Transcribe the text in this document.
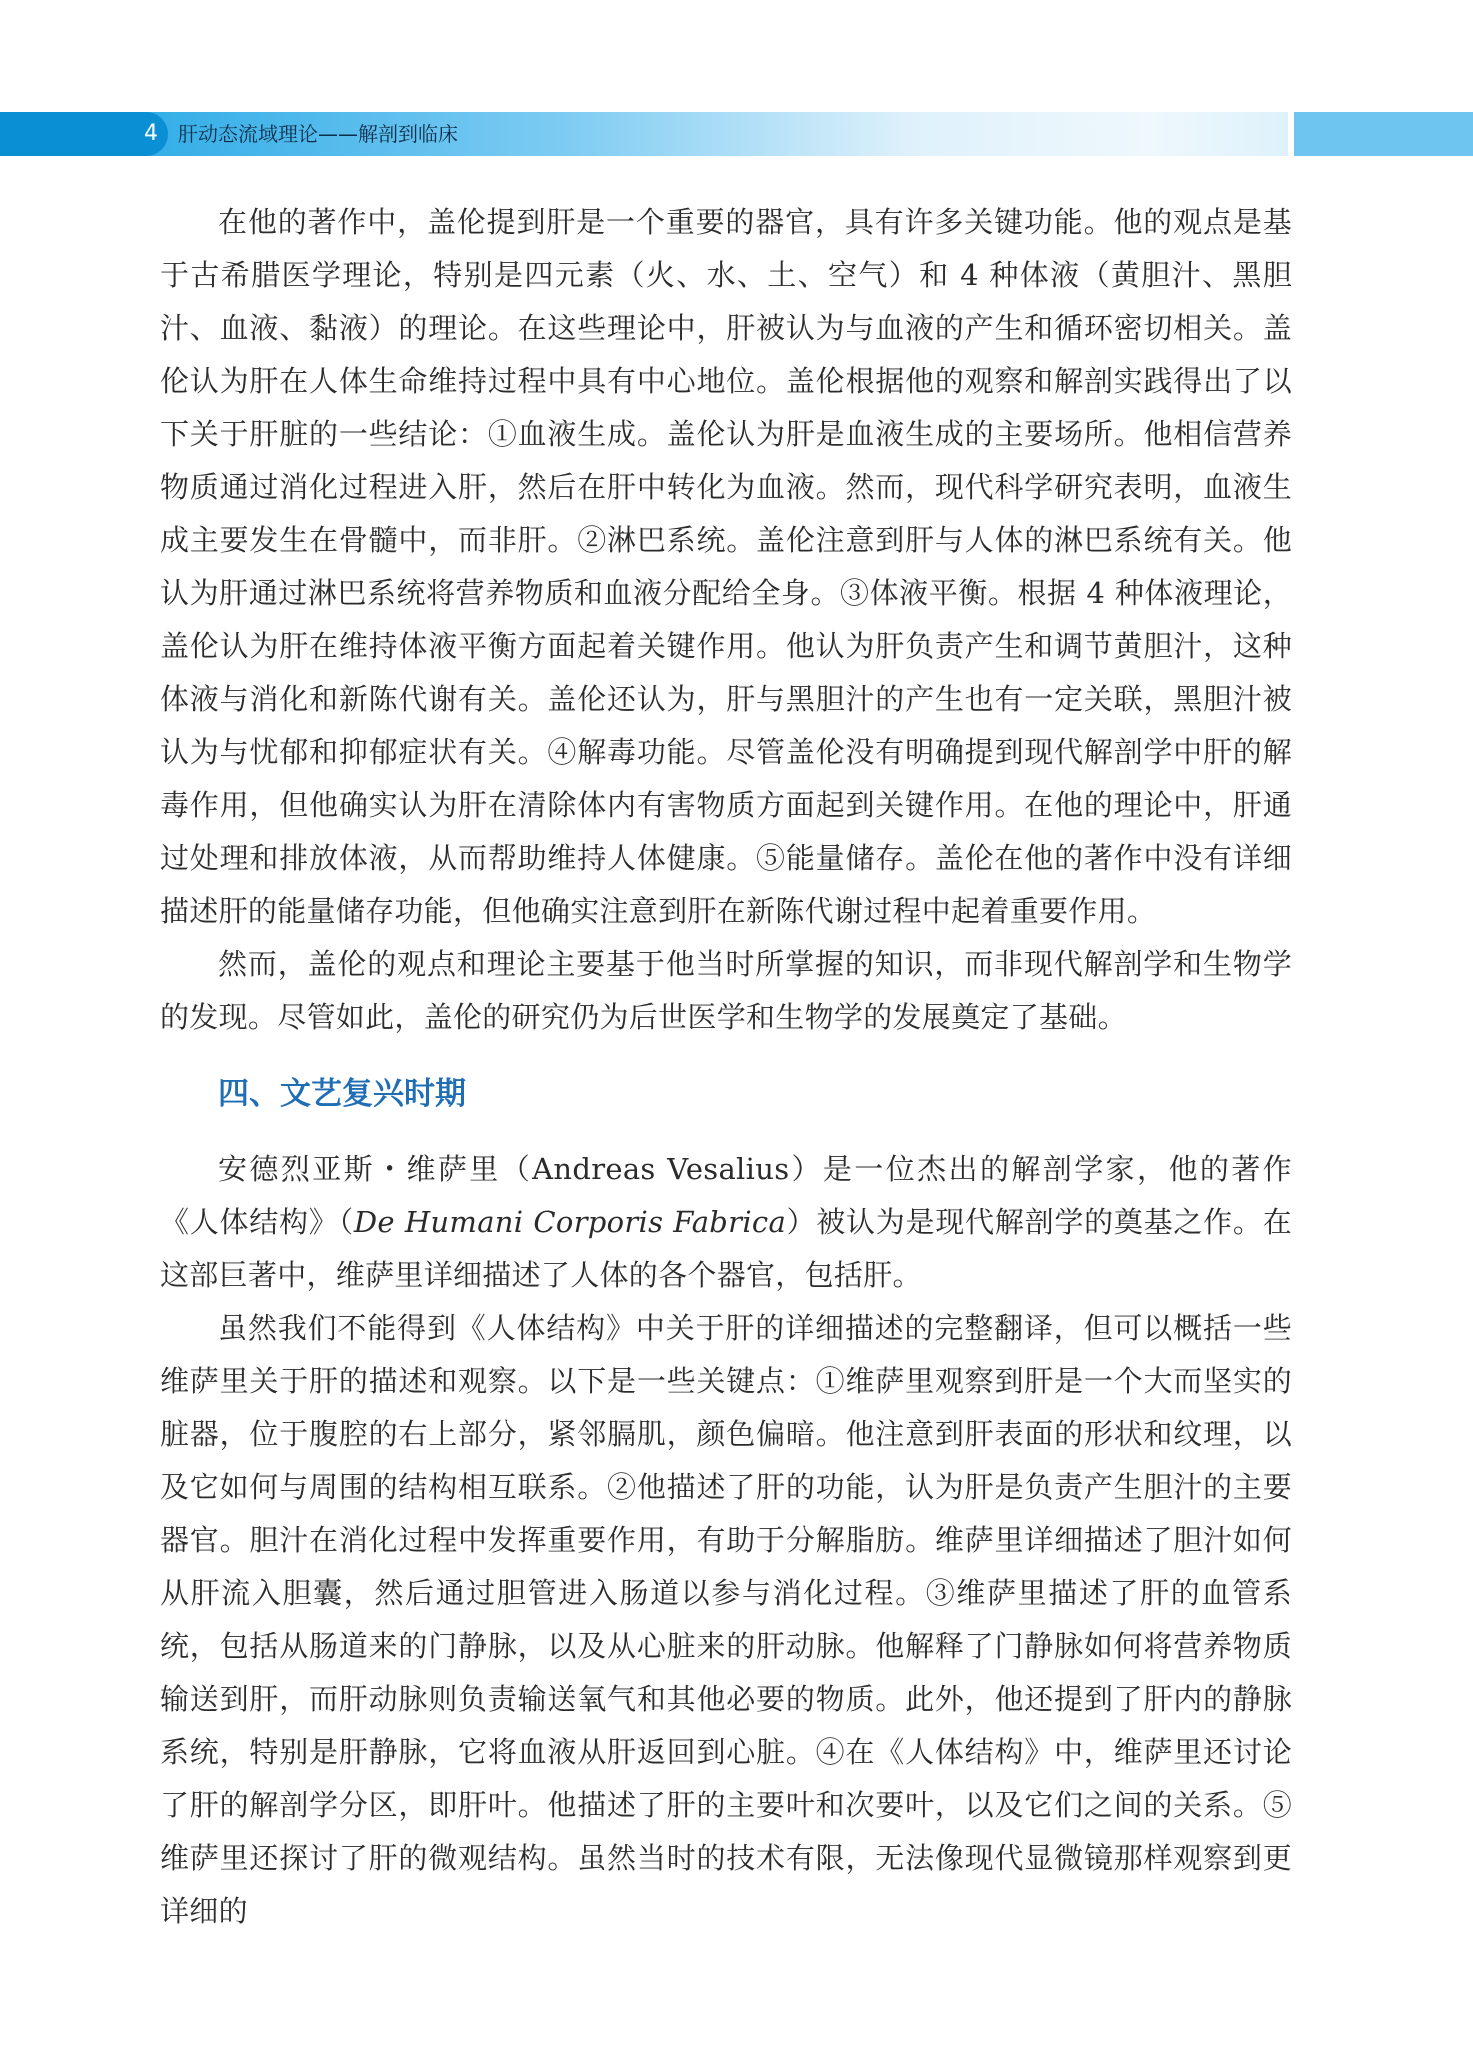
4 肝动态流域理论——解剖到临床

在他的著作中，盖伦提到肝是一个重要的器官，具有许多关键功能。他的观点是基于古希腊医学理论，特别是四元素（火、水、土、空气）和 4 种体液（黄胆汁、黑胆汁、血液、黏液）的理论。在这些理论中，肝被认为与血液的产生和循环密切相关。盖伦认为肝在人体生命维持过程中具有中心地位。盖伦根据他的观察和解剖实践得出了以下关于肝脏的一些结论：①血液生成。盖伦认为肝是血液生成的主要场所。他相信营养物质通过消化过程进入肝，然后在肝中转化为血液。然而，现代科学研究表明，血液生成主要发生在骨髓中，而非肝。②淋巴系统。盖伦注意到肝与人体的淋巴系统有关。他认为肝通过淋巴系统将营养物质和血液分配给全身。③体液平衡。根据 4 种体液理论，盖伦认为肝在维持体液平衡方面起着关键作用。他认为肝负责产生和调节黄胆汁，这种体液与消化和新陈代谢有关。盖伦还认为，肝与黑胆汁的产生也有一定关联，黑胆汁被认为与忧郁和抑郁症状有关。④解毒功能。尽管盖伦没有明确提到现代解剖学中肝的解毒作用，但他确实认为肝在清除体内有害物质方面起到关键作用。在他的理论中，肝通过处理和排放体液，从而帮助维持人体健康。⑤能量储存。盖伦在他的著作中没有详细描述肝的能量储存功能，但他确实注意到肝在新陈代谢过程中起着重要作用。

然而，盖伦的观点和理论主要基于他当时所掌握的知识，而非现代解剖学和生物学的发现。尽管如此，盖伦的研究仍为后世医学和生物学的发展奠定了基础。

四、文艺复兴时期

安德烈亚斯・维萨里（Andreas Vesalius）是一位杰出的解剖学家，他的著作《人体结构》（De Humani Corporis Fabrica）被认为是现代解剖学的奠基之作。在这部巨著中，维萨里详细描述了人体的各个器官，包括肝。

虽然我们不能得到《人体结构》中关于肝的详细描述的完整翻译，但可以概括一些维萨里关于肝的描述和观察。以下是一些关键点：①维萨里观察到肝是一个大而坚实的脏器，位于腹腔的右上部分，紧邻膈肌，颜色偏暗。他注意到肝表面的形状和纹理，以及它如何与周围的结构相互联系。②他描述了肝的功能，认为肝是负责产生胆汁的主要器官。胆汁在消化过程中发挥重要作用，有助于分解脂肪。维萨里详细描述了胆汁如何从肝流入胆囊，然后通过胆管进入肠道以参与消化过程。③维萨里描述了肝的血管系统，包括从肠道来的门静脉，以及从心脏来的肝动脉。他解释了门静脉如何将营养物质输送到肝，而肝动脉则负责输送氧气和其他必要的物质。此外，他还提到了肝内的静脉系统，特别是肝静脉，它将血液从肝返回到心脏。④在《人体结构》中，维萨里还讨论了肝的解剖学分区，即肝叶。他描述了肝的主要叶和次要叶，以及它们之间的关系。⑤维萨里还探讨了肝的微观结构。虽然当时的技术有限，无法像现代显微镜那样观察到更详细的
